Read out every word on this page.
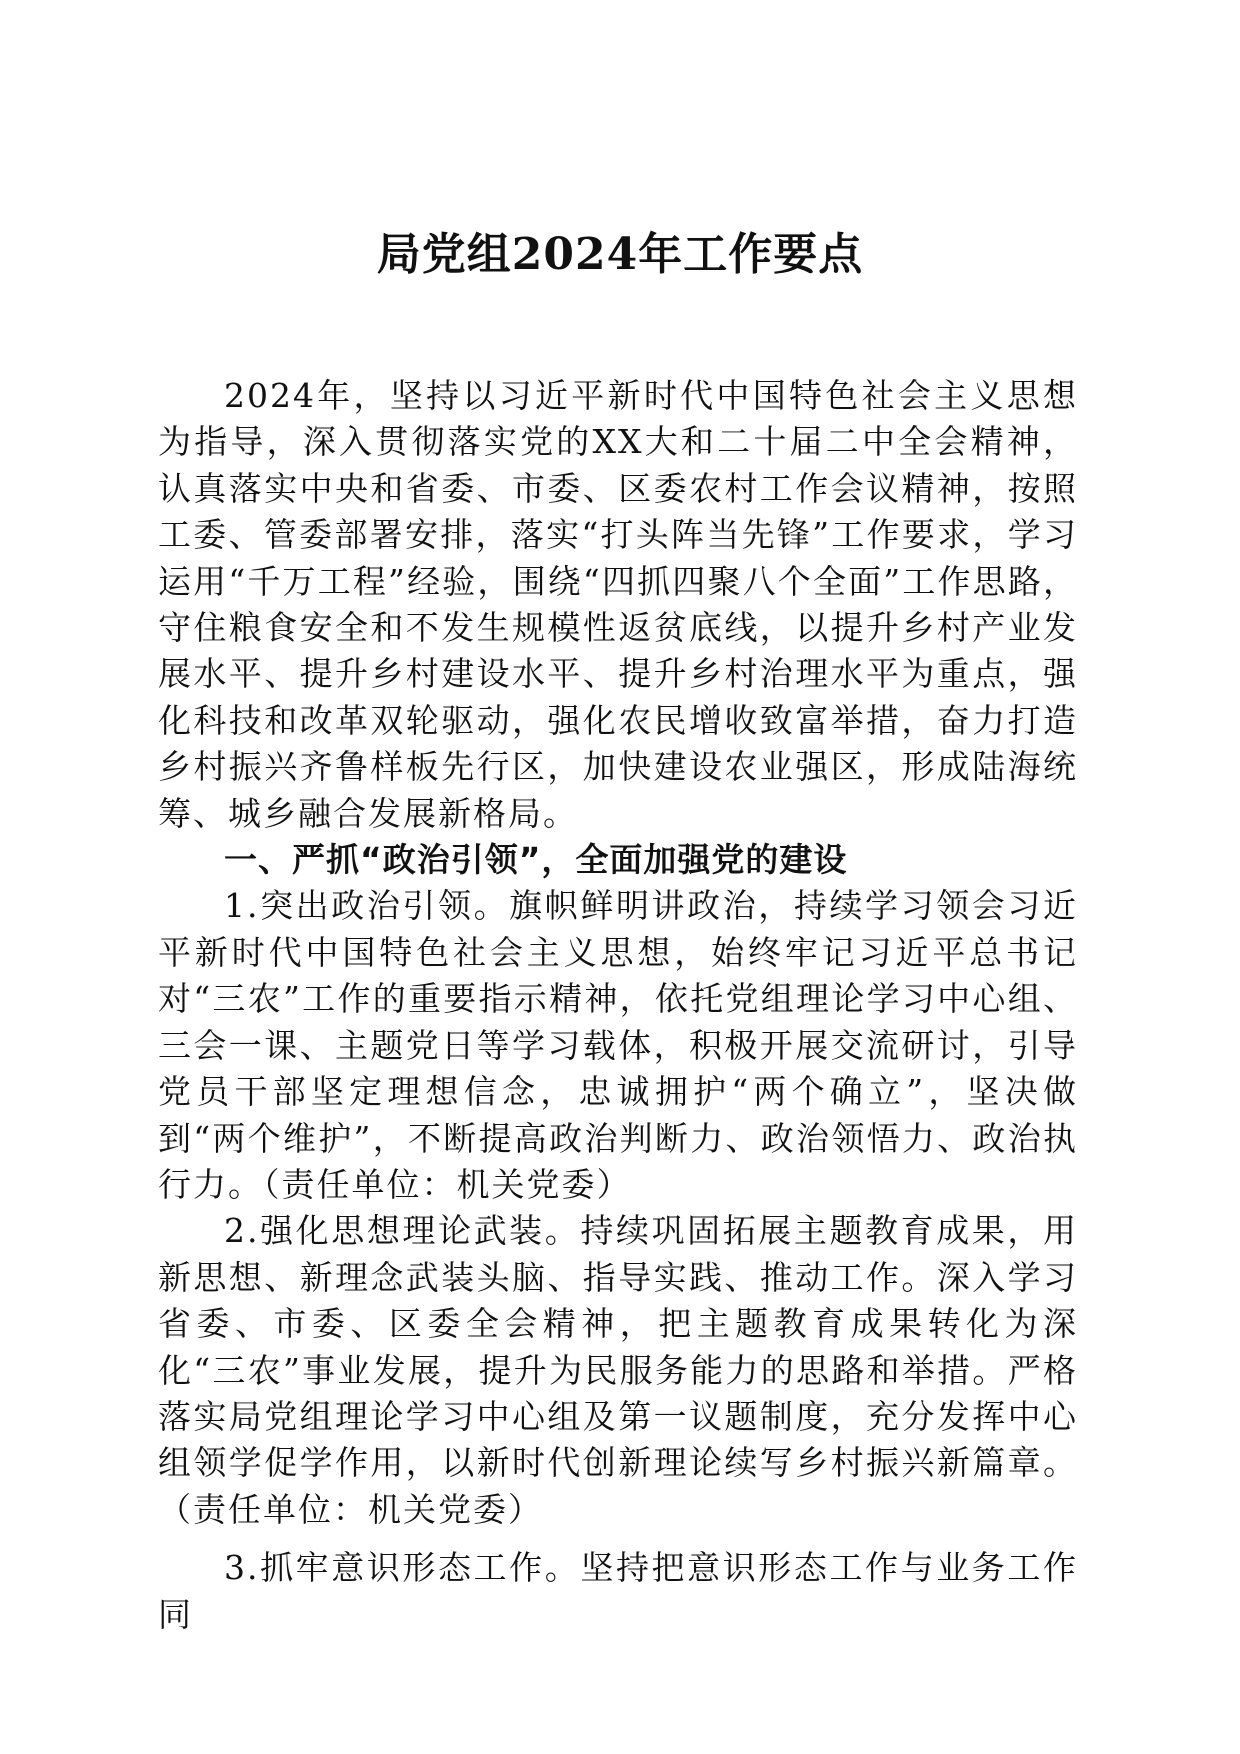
局党组2024年工作要点

2024年，坚持以习近平新时代中国特色社会主义思想为指导，深入贯彻落实党的XX大和二十届二中全会精神，认真落实中央和省委、市委、区委农村工作会议精神，按照工委、管委部署安排，落实“打头阵当先锋”工作要求，学习运用“千万工程”经验，围绕“四抓四聚八个全面”工作思路，守住粮食安全和不发生规模性返贫底线，以提升乡村产业发展水平、提升乡村建设水平、提升乡村治理水平为重点，强化科技和改革双轮驱动，强化农民增收致富举措，奋力打造乡村振兴齐鲁样板先行区，加快建设农业强区，形成陆海统筹、城乡融合发展新格局。

一、严抓“政治引领”，全面加强党的建设

1.突出政治引领。旗帜鲜明讲政治，持续学习领会习近平新时代中国特色社会主义思想，始终牢记习近平总书记对“三农”工作的重要指示精神，依托党组理论学习中心组、三会一课、主题党日等学习载体，积极开展交流研讨，引导党员干部坚定理想信念，忠诚拥护“两个确立”，坚决做到“两个维护”，不断提高政治判断力、政治领悟力、政治执行力。（责任单位：机关党委）

2.强化思想理论武装。持续巩固拓展主题教育成果，用新思想、新理念武装头脑、指导实践、推动工作。深入学习省委、市委、区委全会精神，把主题教育成果转化为深化“三农”事业发展，提升为民服务能力的思路和举措。严格落实局党组理论学习中心组及第一议题制度，充分发挥中心组领学促学作用，以新时代创新理论续写乡村振兴新篇章。（责任单位：机关党委）

3.抓牢意识形态工作。坚持把意识形态工作与业务工作同
